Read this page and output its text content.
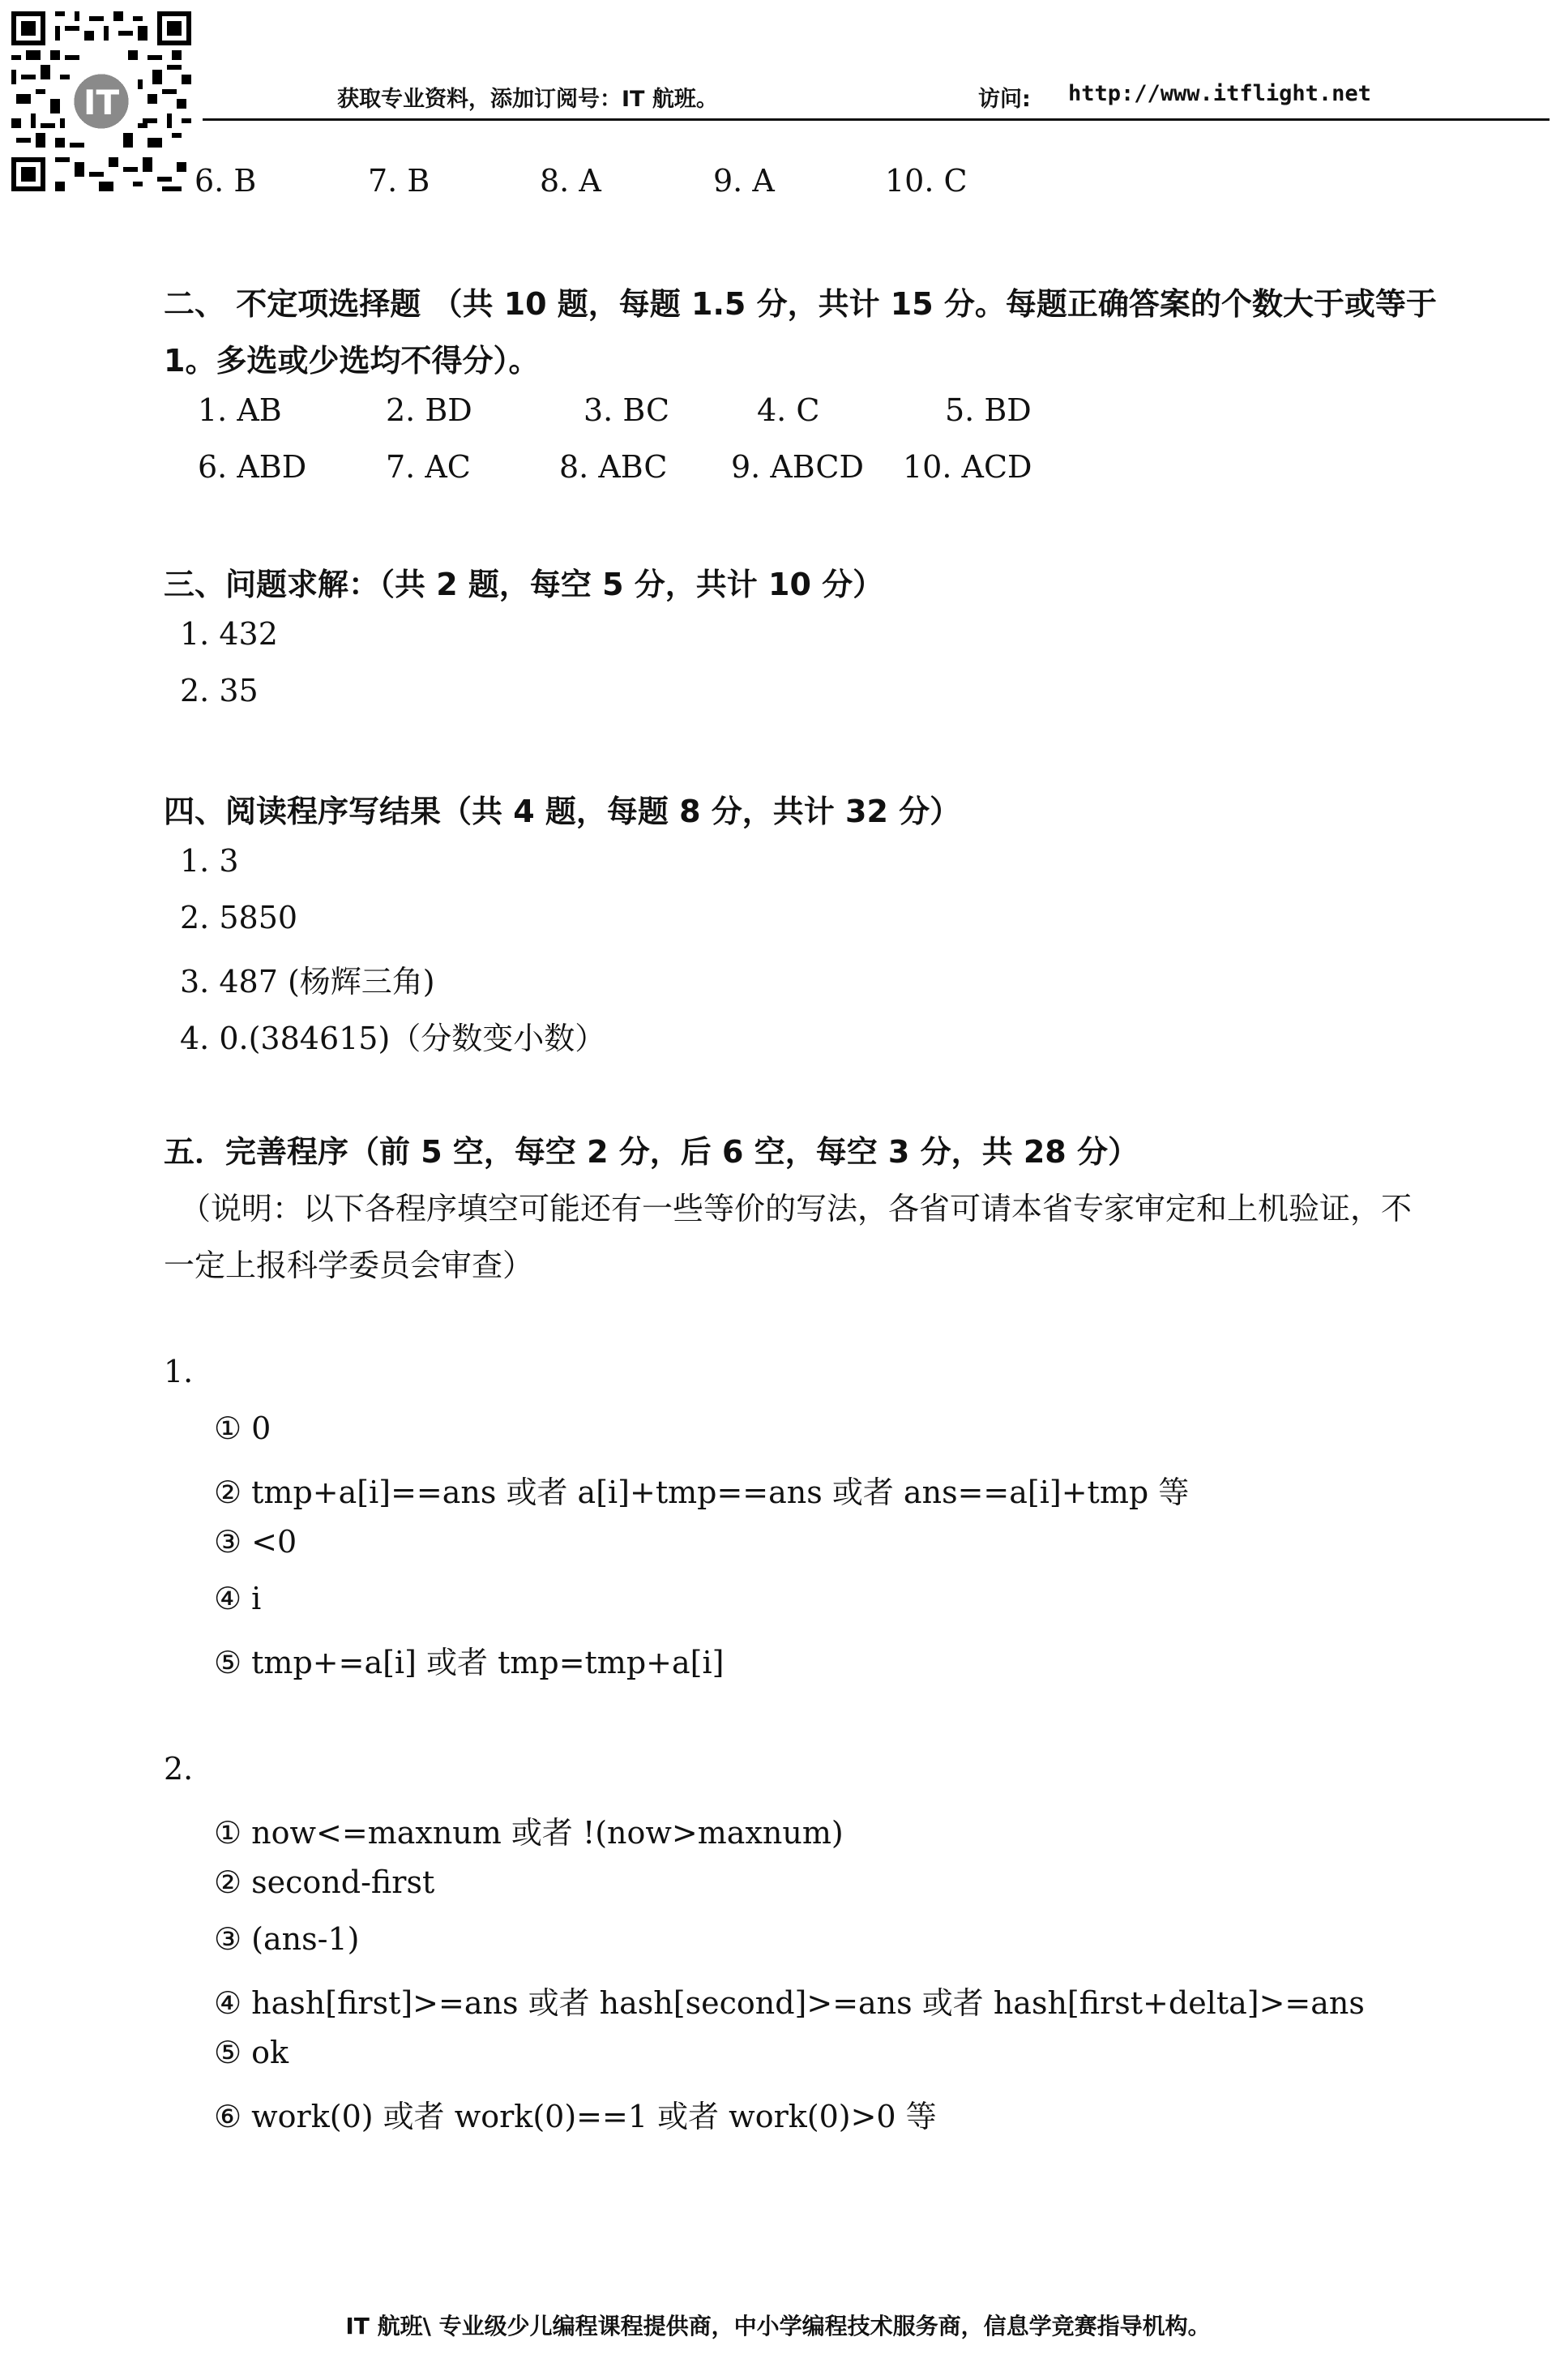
IT	获取专业资料，添加订阅号：IT 航班。	访问: http://www.itflight.net
6. B	7. B	8. A	9. A	10. C
二、 不定项选择题 （共 10 题，每题 1.5 分，共计 15 分。每题正确答案的个数大于或等于
1。多选或少选均不得分）。
1. AB	2. BD	3. BC	4. C	5. BD
6. ABD	7. AC	8. ABC 9. ABCD 10. ACD
三、问题求解：（共 2 题，每空 5 分，共计 10 分）
1. 432
2. 35
四、阅读程序写结果（共 4 题，每题 8 分，共计 32 分）
1. 3
2. 5850
3. 487 (杨辉三角)
4. 0.(384615)（分数变小数）
五．完善程序（前 5 空，每空 2 分，后 6 空，每空 3 分，共 28 分）
（说明：以下各程序填空可能还有一些等价的写法，各省可请本省专家审定和上机验证，不
一定上报科学委员会审查）
1.
① 0
② tmp+a[i]==ans 或者 a[i]+tmp==ans 或者 ans==a[i]+tmp 等
③ <0
④ i
⑤ tmp+=a[i] 或者 tmp=tmp+a[i]
2.
① now<=maxnum 或者 !(now>maxnum)
② second-first
③ (ans-1)
④ hash[first]>=ans 或者 hash[second]>=ans 或者 hash[first+delta]>=ans
⑤ ok
⑥ work(0) 或者 work(0)==1 或者 work(0)>0 等
IT 航班\ 专业级少儿编程课程提供商，中小学编程技术服务商，信息学竞赛指导机构。
